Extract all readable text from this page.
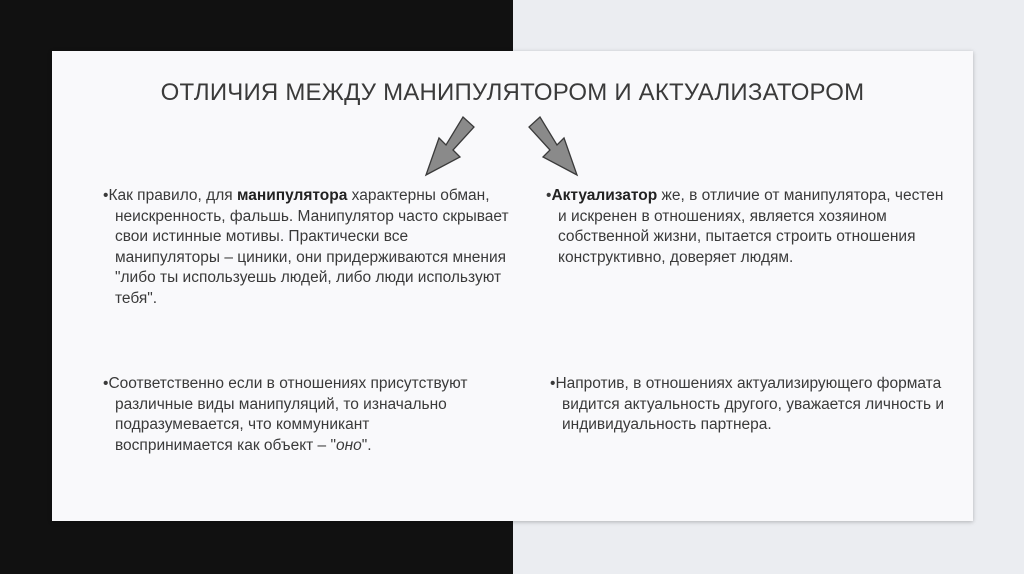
ОТЛИЧИЯ МЕЖДУ МАНИПУЛЯТОРОМ И АКТУАЛИЗАТОРОМ

•Как правило, для манипулятора характерны обман, неискренность, фальшь. Манипулятор часто скрывает свои истинные мотивы. Практически все манипуляторы – циники, они придерживаются мнения "либо ты используешь людей, либо люди используют тебя".

•Соответственно если в отношениях присутствуют различные виды манипуляций, то изначально подразумевается, что коммуникант воспринимается как объект – "оно".

•Актуализатор же, в отличие от манипулятора, честен и искренен в отношениях, является хозяином собственной жизни, пытается строить отношения конструктивно, доверяет людям.

•Напротив, в отношениях актуализирующего формата видится актуальность другого, уважается личность и индивидуальность партнера.
